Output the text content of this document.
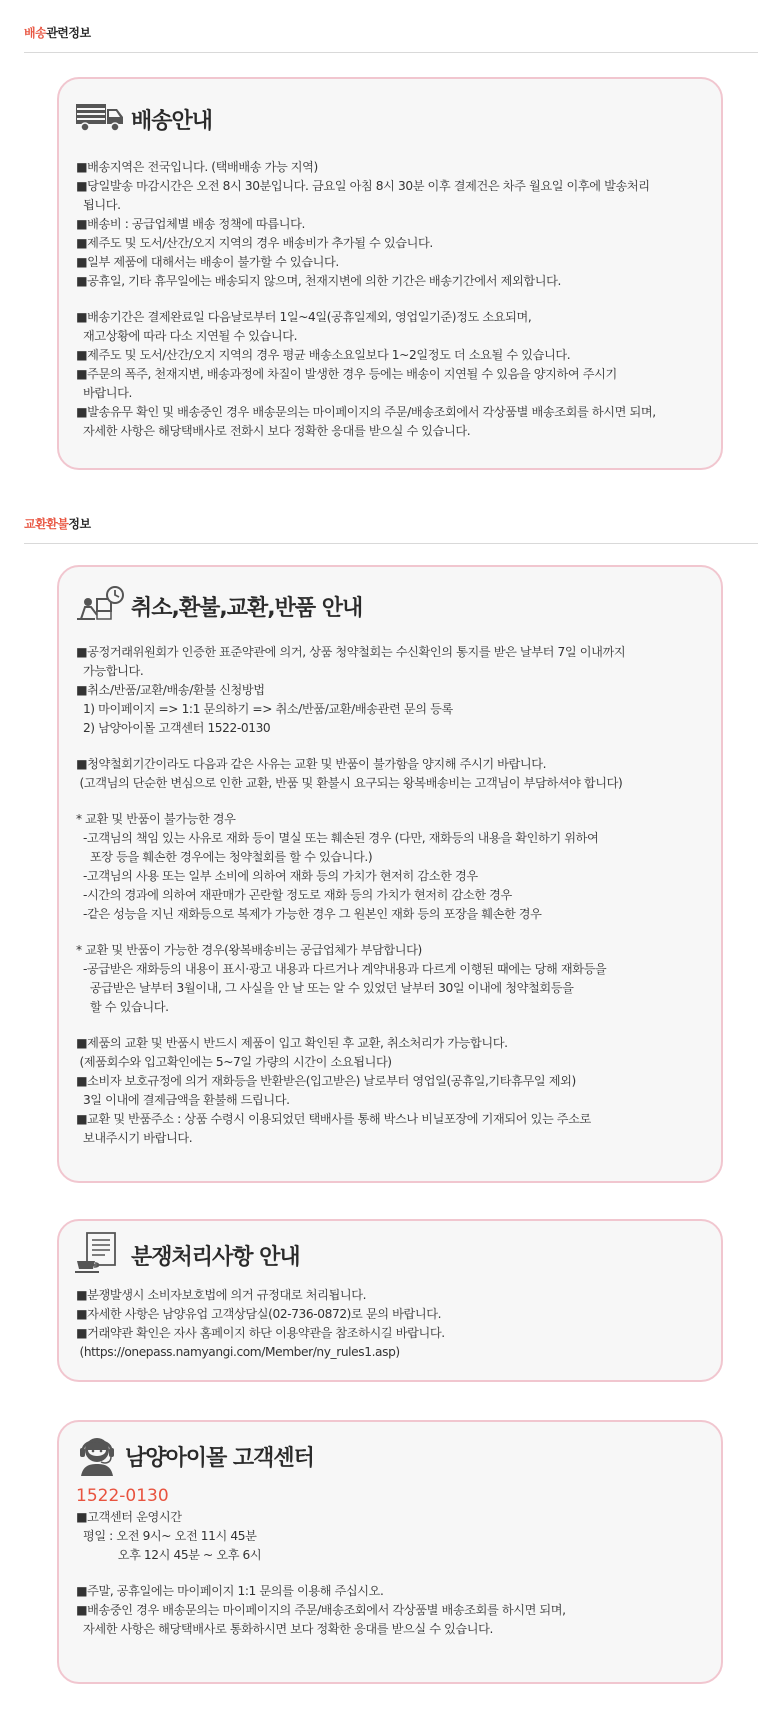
배송관련정보
배송안내

■배송지역은 전국입니다. (택배배송 가능 지역)

■당일발송 마감시간은 오전 8시 30분입니다. 금요일 아침 8시 30분 이후 결제건은 차주 월요일 이후에 발송처리
됩니다.

■배송비 : 공급업체별 배송 정책에 따릅니다.

■제주도 및 도서/산간/오지 지역의 경우 배송비가 추가될 수 있습니다.

■일부 제품에 대해서는 배송이 불가할 수 있습니다.

■공휴일, 기타 휴무일에는 배송되지 않으며, 천재지변에 의한 기간은 배송기간에서 제외합니다.

■배송기간은 결제완료일 다음날로부터 1일~4일(공휴일제외, 영업일기준)정도 소요되며,
재고상황에 따라 다소 지연될 수 있습니다.

■제주도 및 도서/산간/오지 지역의 경우 평균 배송소요일보다 1~2일정도 더 소요될 수 있습니다.

■주문의 폭주, 천재지변, 배송과정에 차질이 발생한 경우 등에는 배송이 지연될 수 있음을 양지하여 주시기
바랍니다.

■발송유무 확인 및 배송중인 경우 배송문의는 마이페이지의 주문/배송조회에서 각상품별 배송조회를 하시면 되며,
자세한 사항은 해당택배사로 전화시 보다 정확한 응대를 받으실 수 있습니다.

교환환불정보
취소,환불,교환,반품 안내

■공정거래위원회가 인증한 표준약관에 의거, 상품 청약철회는 수신확인의 통지를 받은 날부터 7일 이내까지
가능합니다.

■취소/반품/교환/배송/환불 신청방법

1) 마이페이지 => 1:1 문의하기 => 취소/반품/교환/배송관련 문의 등록

2) 남양아이몰 고객센터 1522-0130

■청약철회기간이라도 다음과 같은 사유는 교환 및 반품이 불가함을 양지해 주시기 바랍니다.

(고객님의 단순한 변심으로 인한 교환, 반품 및 환불시 요구되는 왕복배송비는 고객님이 부담하셔야 합니다)

* 교환 및 반품이 불가능한 경우

-고객님의 책임 있는 사유로 재화 등이 멸실 또는 훼손된 경우 (다만, 재화등의 내용을 확인하기 위하여
포장 등을 훼손한 경우에는 청약철회를 할 수 있습니다.)

-고객님의 사용 또는 일부 소비에 의하여 재화 등의 가치가 현저히 감소한 경우

-시간의 경과에 의하여 재판매가 곤란할 정도로 재화 등의 가치가 현저히 감소한 경우

-같은 성능을 지닌 재화등으로 복제가 가능한 경우 그 원본인 재화 등의 포장을 훼손한 경우

* 교환 및 반품이 가능한 경우(왕복배송비는 공급업체가 부담합니다)

-공급받은 재화등의 내용이 표시·광고 내용과 다르거나 계약내용과 다르게 이행된 때에는 당해 재화등을
공급받은 날부터 3월이내, 그 사실을 안 날 또는 알 수 있었던 날부터 30일 이내에 청약철회등을
할 수 있습니다.

■제품의 교환 및 반품시 반드시 제품이 입고 확인된 후 교환, 취소처리가 가능합니다.

(제품회수와 입고확인에는 5~7일 가량의 시간이 소요됩니다)

■소비자 보호규정에 의거 재화등을 반환받은(입고받은) 날로부터 영업일(공휴일,기타휴무일 제외)
3일 이내에 결제금액을 환불해 드립니다.

■교환 및 반품주소 : 상품 수령시 이용되었던 택배사를 통해 박스나 비닐포장에 기재되어 있는 주소로
보내주시기 바랍니다.

분쟁처리사항 안내

■분쟁발생시 소비자보호법에 의거 규정대로 처리됩니다.

■자세한 사항은 남양유업 고객상담실(02-736-0872)로 문의 바랍니다.

■거래약관 확인은 자사 홈페이지 하단 이용약관을 참조하시길 바랍니다.

(https://onepass.namyangi.com/Member/ny_rules1.asp)

남양아이몰 고객센터

1522-0130

■고객센터 운영시간

평일 : 오전 9시~ 오전 11시 45분

오후 12시 45분 ~ 오후 6시

■주말, 공휴일에는 마이페이지 1:1 문의를 이용해 주십시오.

■배송중인 경우 배송문의는 마이페이지의 주문/배송조회에서 각상품별 배송조회를 하시면 되며,
자세한 사항은 해당택배사로 통화하시면 보다 정확한 응대를 받으실 수 있습니다.
